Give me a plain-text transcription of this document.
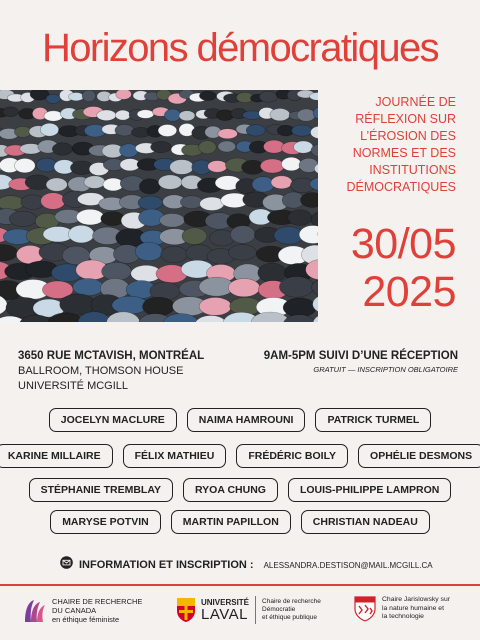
Horizons démocratiques
JOURNÉE DE RÉFLEXION SUR L’ÉROSION DES NORMES ET DES INSTITUTIONS DÉMOCRATIQUES
30/05
2025
3650 RUE MCTAVISH, MONTRÉAL
BALLROOM, THOMSON HOUSE
UNIVERSITÉ MCGILL
9AM-5PM SUIVI D’UNE RÉCEPTION
GRATUIT — INSCRIPTION OBLIGATOIRE
JOCELYN MACLURE	NAIMA HAMROUNI	PATRICK TURMEL
KARINE MILLAIRE	FÉLIX MATHIEU	FRÉDÉRIC BOILY	OPHÉLIE DESMONS
STÉPHANIE TREMBLAY	RYOA CHUNG	LOUIS-PHILIPPE LAMPRON
MARYSE POTVIN	MARTIN PAPILLON	CHRISTIAN NADEAU
INFORMATION ET INSCRIPTION : ALESSANDRA.DESTISON@MAIL.MCGILL.CA
CHAIRE DE RECHERCHE
DU CANADA
en éthique féministe
UNIVERSITÉ
LAVAL
Chaire de recherche
Démocratie
et éthique publique
Chaire Jarislowsky sur
la nature humaine et
la technologie
